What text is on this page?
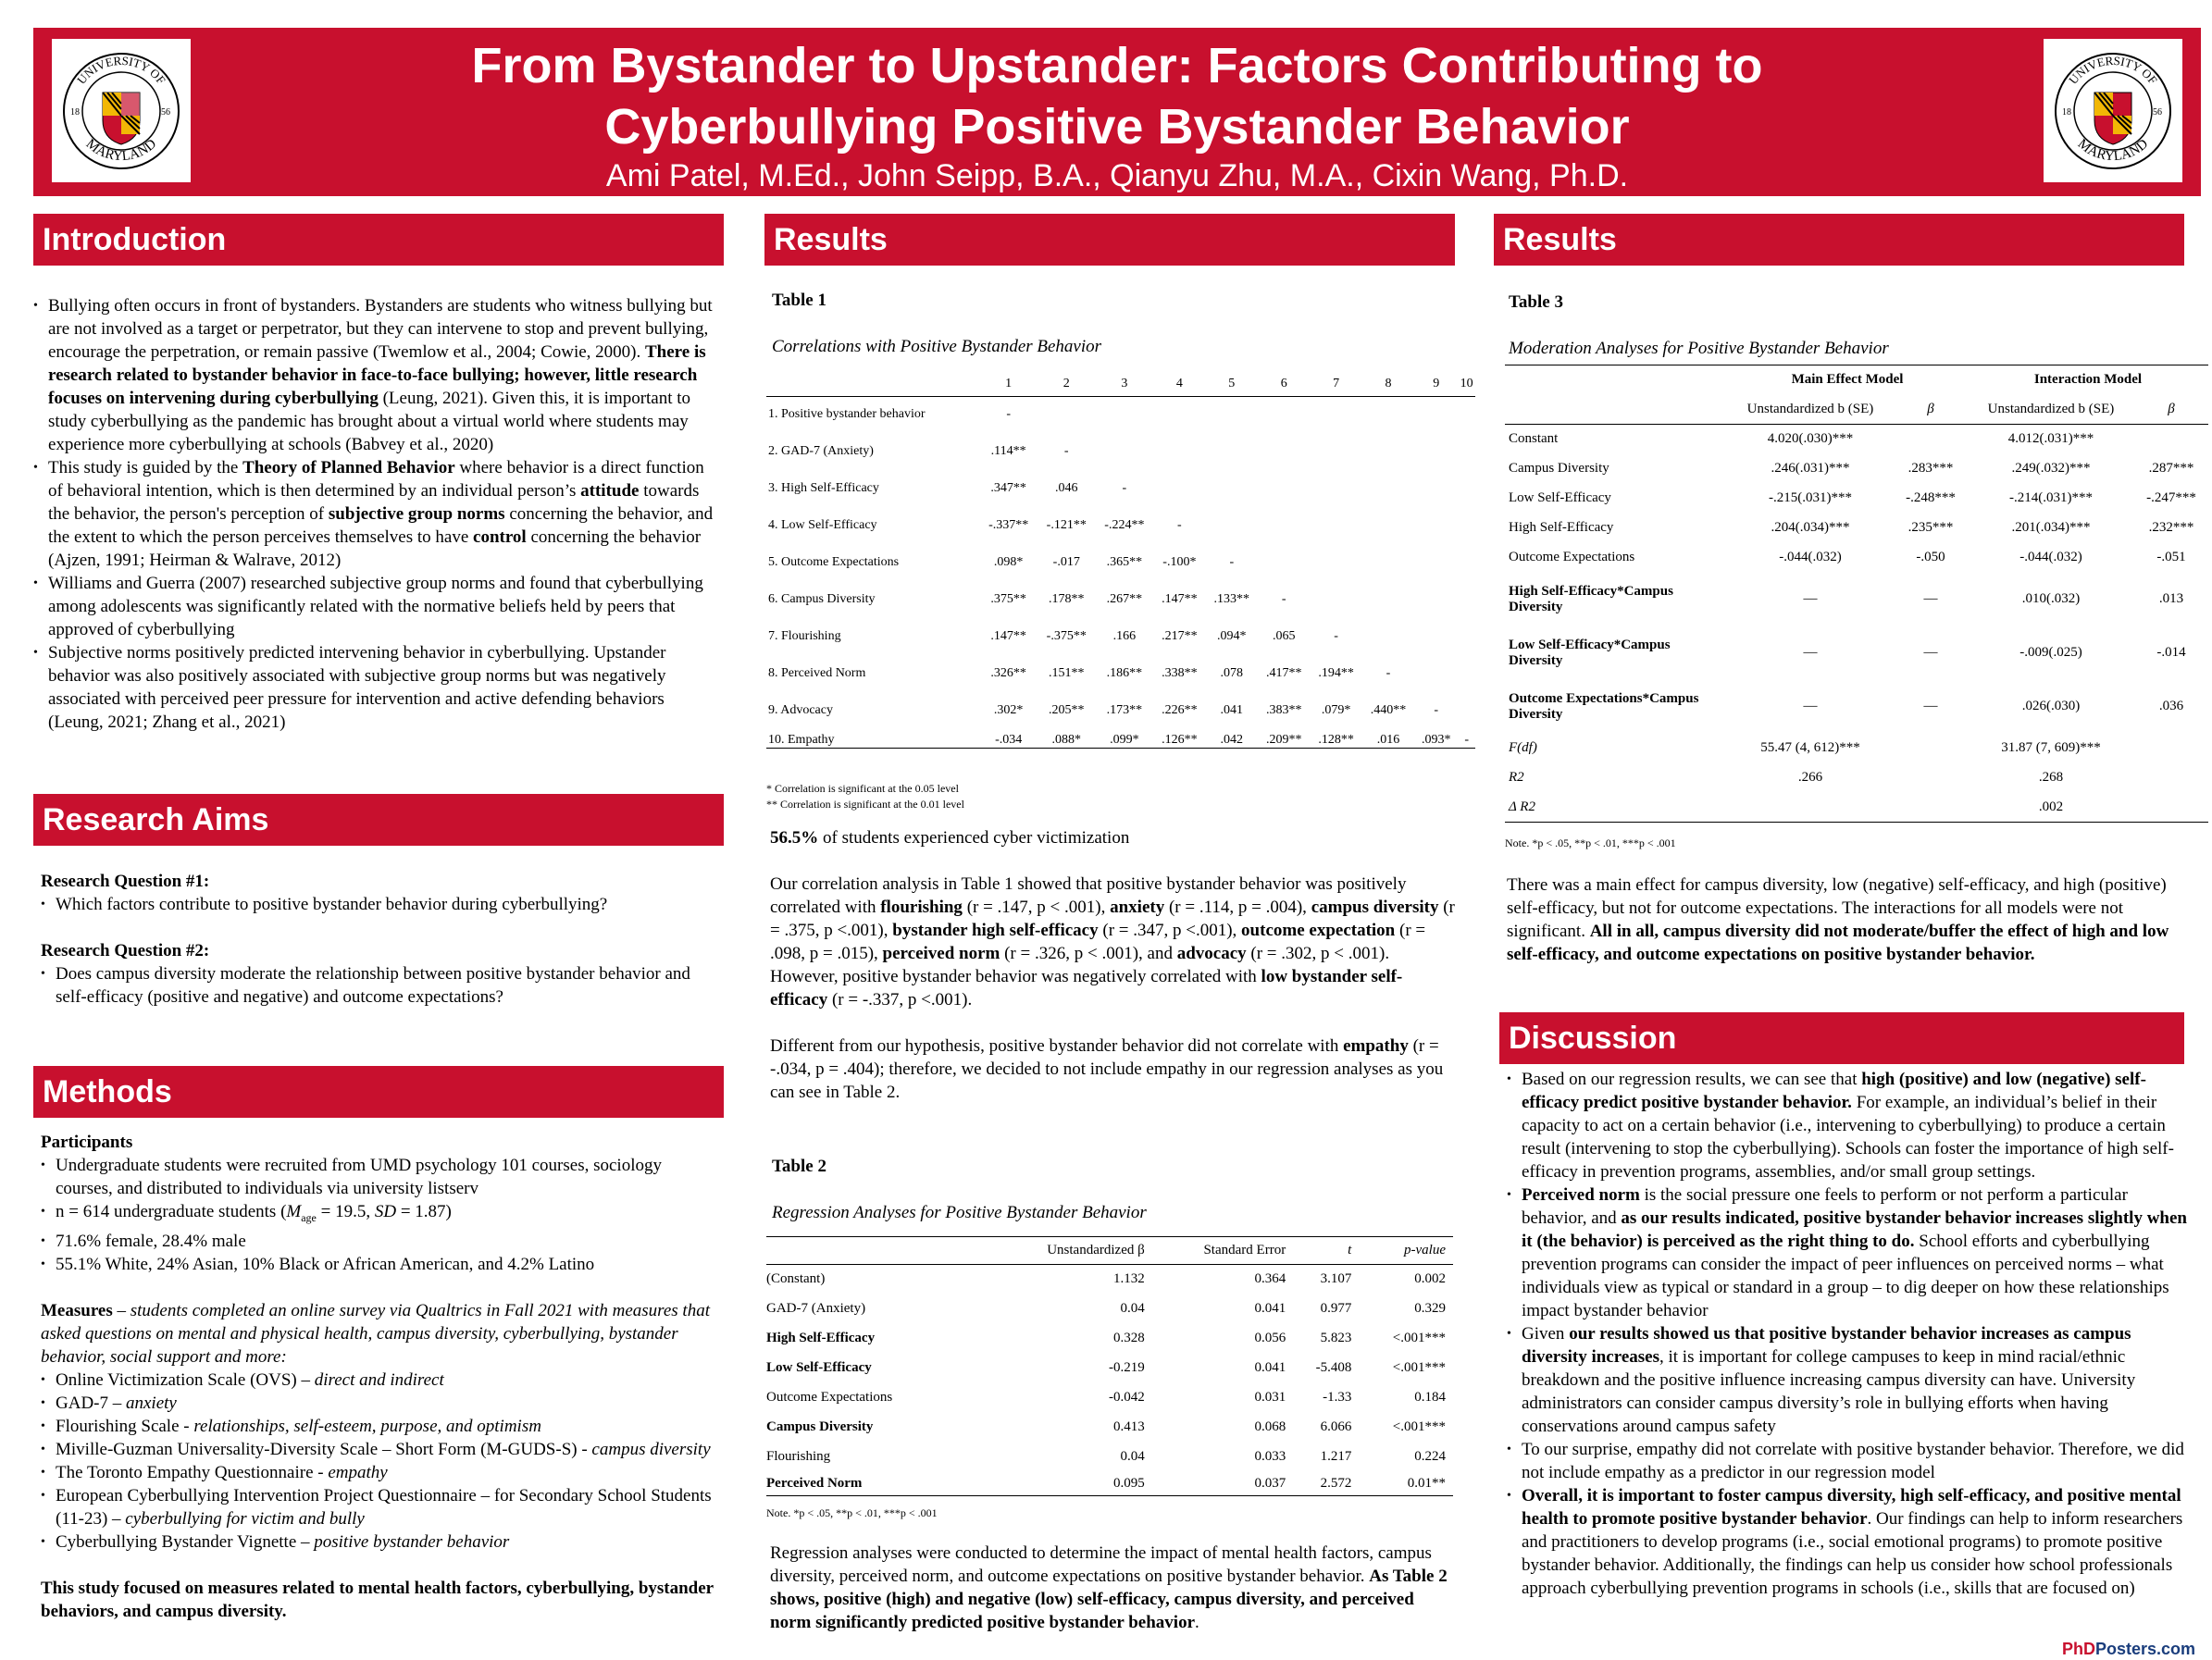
UNIVERSITY OF
MARYLAND
18	56
From Bystander to Upstander: Factors Contributing to
Cyberbullying Positive Bystander Behavior
Ami Patel, M.Ed., John Seipp, B.A., Qianyu Zhu, M.A., Cixin Wang, Ph.D.
UNIVERSITY OF
MARYLAND
18	56
Introduction
• Bullying often occurs in front of bystanders. Bystanders are students who witness bullying but are not involved as a target or perpetrator, but they can intervene to stop and prevent bullying, encourage the perpetration, or remain passive (Twemlow et al., 2004; Cowie, 2000). There is research related to bystander behavior in face-to-face bullying; however, little research focuses on intervening during cyberbullying (Leung, 2021). Given this, it is important to study cyberbullying as the pandemic has brought about a virtual world where students may experience more cyberbullying at schools (Babvey et al., 2020)
• This study is guided by the Theory of Planned Behavior where behavior is a direct function of behavioral intention, which is then determined by an individual person’s attitude towards the behavior, the person's perception of subjective group norms concerning the behavior, and the extent to which the person perceives themselves to have control concerning the behavior (Ajzen, 1991; Heirman & Walrave, 2012)
• Williams and Guerra (2007) researched subjective group norms and found that cyberbullying among adolescents was significantly related with the normative beliefs held by peers that approved of cyberbullying
• Subjective norms positively predicted intervening behavior in cyberbullying. Upstander behavior was also positively associated with subjective group norms but was negatively associated with perceived peer pressure for intervention and active defending behaviors (Leung, 2021; Zhang et al., 2021)
Research Aims

Research Question #1:

• Which factors contribute to positive bystander behavior during cyberbullying?

Research Question #2:

• Does campus diversity moderate the relationship between positive bystander behavior and self-efficacy (positive and negative) and outcome expectations?
Methods

Participants

• Undergraduate students were recruited from UMD psychology 101 courses, sociology courses, and distributed to individuals via university listserv
• n = 614 undergraduate students ($M_{age} = 19.5$, SD = 1.87)
• 71.6% female, 28.4% male
• 55.1% White, 24% Asian, 10% Black or African American, and 4.2% Latino

Measures – students completed an online survey via Qualtrics in Fall 2021 with measures that asked questions on mental and physical health, campus diversity, cyberbullying, bystander behavior, social support and more:

• Online Victimization Scale (OVS) – direct and indirect
• GAD-7 – anxiety
• Flourishing Scale - relationships, self-esteem, purpose, and optimism
• Miville-Guzman Universality-Diversity Scale – Short Form (M-GUDS-S) - campus diversity
• The Toronto Empathy Questionnaire - empathy
• European Cyberbullying Intervention Project Questionnaire – for Secondary School Students (11-23) – cyberbullying for victim and bully
• Cyberbullying Bystander Vignette – positive bystander behavior

This study focused on measures related to mental health factors, cyberbullying, bystander behaviors, and campus diversity.

Results
Table 1
Correlations with Positive Bystander Behavior
	1	2	3	4	5	6	7	8	9	10
1. Positive bystander behavior	-									
2. GAD-7 (Anxiety)	.114**	-								
3. High Self-Efficacy	.347**	.046	-							
4. Low Self-Efficacy	-.337**	-.121**	-.224**	-						
5. Outcome Expectations	.098*	-.017	.365**	-.100*	-					
6. Campus Diversity	.375**	.178**	.267**	.147**	.133**	-				
7. Flourishing	.147**	-.375**	.166	.217**	.094*	.065	-			
8. Perceived Norm	.326**	.151**	.186**	.338**	.078	.417**	.194**	-		
9. Advocacy	.302*	.205**	.173**	.226**	.041	.383**	.079*	.440**	-	
10. Empathy	-.034	.088*	.099*	.126**	.042	.209**	.128**	.016	.093*	-
* Correlation is significant at the 0.05 level
** Correlation is significant at the 0.01 level

56.5% of students experienced cyber victimization

Our correlation analysis in Table 1 showed that positive bystander behavior was positively correlated with flourishing (r = .147, p < .001), anxiety (r = .114, p = .004), campus diversity (r = .375, p <.001), bystander high self-efficacy (r = .347, p <.001), outcome expectation (r = .098, p = .015), perceived norm (r = .326, p < .001), and advocacy (r = .302, p < .001). However, positive bystander behavior was negatively correlated with low bystander self-efficacy (r = -.337, p <.001).

Different from our hypothesis, positive bystander behavior did not correlate with empathy (r = -.034, p = .404); therefore, we decided to not include empathy in our regression analyses as you can see in Table 2.

Table 2
Regression Analyses for Positive Bystander Behavior
	Unstandardized β	Standard Error	t	p-value
(Constant)	1.132	0.364	3.107	0.002
GAD-7 (Anxiety)	0.04	0.041	0.977	0.329
High Self-Efficacy	0.328	0.056	5.823	<.001***
Low Self-Efficacy	-0.219	0.041	-5.408	<.001***
Outcome Expectations	-0.042	0.031	-1.33	0.184
Campus Diversity	0.413	0.068	6.066	<.001***
Flourishing	0.04	0.033	1.217	0.224
Perceived Norm	0.095	0.037	2.572	0.01**
Note. *p < .05, **p < .01, ***p < .001

Regression analyses were conducted to determine the impact of mental health factors, campus diversity, perceived norm, and outcome expectations on positive bystander behavior. As Table 2 shows, positive (high) and negative (low) self-efficacy, campus diversity, and perceived norm significantly predicted positive bystander behavior.

Results
Table 3
Moderation Analyses for Positive Bystander Behavior
	Main Effect Model		Interaction Model	
	Unstandardized b (SE)	β	Unstandardized b (SE)	β
Constant	4.020(.030)***		4.012(.031)***	
Campus Diversity	.246(.031)***	.283***	.249(.032)***	.287***
Low Self-Efficacy	-.215(.031)***	-.248***	-.214(.031)***	-.247***
High Self-Efficacy	.204(.034)***	.235***	.201(.034)***	.232***
Outcome Expectations	-.044(.032)	-.050	-.044(.032)	-.051
High Self-Efficacy*Campus Diversity	—	—	.010(.032)	.013
Low Self-Efficacy*Campus Diversity	—	—	-.009(.025)	-.014
Outcome Expectations*Campus Diversity	—	—	.026(.030)	.036
F(df)	55.47 (4, 612)***		31.87 (7, 609)***	
R2	.266		.268	
Δ R2			.002	
Note. *p < .05, **p < .01, ***p < .001

There was a main effect for campus diversity, low (negative) self-efficacy, and high (positive) self-efficacy, but not for outcome expectations. The interactions for all models were not significant. All in all, campus diversity did not moderate/buffer the effect of high and low self-efficacy, and outcome expectations on positive bystander behavior.

Discussion
• Based on our regression results, we can see that high (positive) and low (negative) self-efficacy predict positive bystander behavior. For example, an individual’s belief in their capacity to act on a certain behavior (i.e., intervening to cyberbullying) to produce a certain result (intervening to stop the cyberbullying). Schools can foster the importance of high self-efficacy in prevention programs, assemblies, and/or small group settings.
• Perceived norm is the social pressure one feels to perform or not perform a particular behavior, and as our results indicated, positive bystander behavior increases slightly when it (the behavior) is perceived as the right thing to do. School efforts and cyberbullying prevention programs can consider the impact of peer influences on perceived norms – what individuals view as typical or standard in a group – to dig deeper on how these relationships impact bystander behavior
• Given our results showed us that positive bystander behavior increases as campus diversity increases, it is important for college campuses to keep in mind racial/ethnic breakdown and the positive influence increasing campus diversity can have. University administrators can consider campus diversity’s role in bullying efforts when having conservations around campus safety
• To our surprise, empathy did not correlate with positive bystander behavior. Therefore, we did not include empathy as a predictor in our regression model
• Overall, it is important to foster campus diversity, high self-efficacy, and positive mental health to promote positive bystander behavior. Our findings can help to inform researchers and practitioners to develop programs (i.e., social emotional programs) to promote positive bystander behavior. Additionally, the findings can help us consider how school professionals approach cyberbullying prevention programs in schools (i.e., skills that are focused on)
PhDPosters.com
